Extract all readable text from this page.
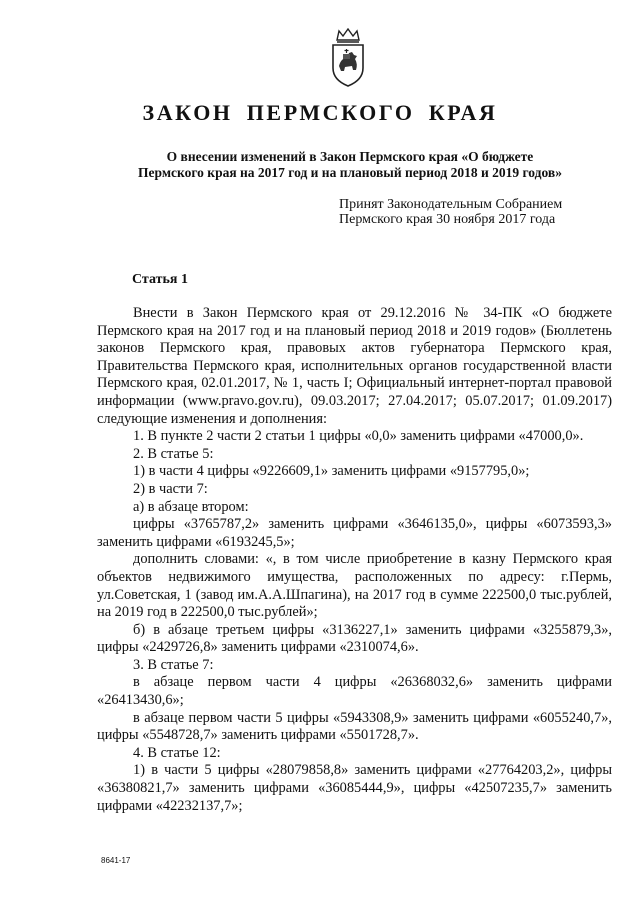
ЗАКОН ПЕРМСКОГО КРАЯ
О внесении изменений в Закон Пермского края «О бюджете
Пермского края на 2017 год и на плановый период 2018 и 2019 годов»
Принят Законодательным Собранием
Пермского края 30 ноября 2017 года
Статья 1

Внести в Закон Пермского края от 29.12.2016 № 34-ПК «О бюджете Пермского края на 2017 год и на плановый период 2018 и 2019 годов» (Бюллетень законов Пермского края, правовых актов губернатора Пермского края, Правительства Пермского края, исполнительных органов государственной власти Пермского края, 02.01.2017, № 1, часть I; Официальный интернет-портал правовой информации (www.pravo.gov.ru), 09.03.2017; 27.04.2017; 05.07.2017; 01.09.2017) следующие изменения и дополнения:

1. В пункте 2 части 2 статьи 1 цифры «0,0» заменить цифрами «47000,0».

2. В статье 5:

1) в части 4 цифры «9226609,1» заменить цифрами «9157795,0»;

2) в части 7:

а) в абзаце втором:

цифры «3765787,2» заменить цифрами «3646135,0», цифры «6073593,3» заменить цифрами «6193245,5»;

дополнить словами: «, в том числе приобретение в казну Пермского края объектов недвижимого имущества, расположенных по адресу: г.Пермь, ул.Советская, 1 (завод им.А.А.Шпагина), на 2017 год в сумме 222500,0 тыс.рублей, на 2019 год в 222500,0 тыс.рублей»;

б) в абзаце третьем цифры «3136227,1» заменить цифрами «3255879,3», цифры «2429726,8» заменить цифрами «2310074,6».

3. В статье 7:

в абзаце первом части 4 цифры «26368032,6» заменить цифрами «26413430,6»;

в абзаце первом части 5 цифры «5943308,9» заменить цифрами «6055240,7», цифры «5548728,7» заменить цифрами «5501728,7».

4. В статье 12:

1) в части 5 цифры «28079858,8» заменить цифрами «27764203,2», цифры «36380821,7» заменить цифрами «36085444,9», цифры «42507235,7» заменить цифрами «42232137,7»;

8641-17
